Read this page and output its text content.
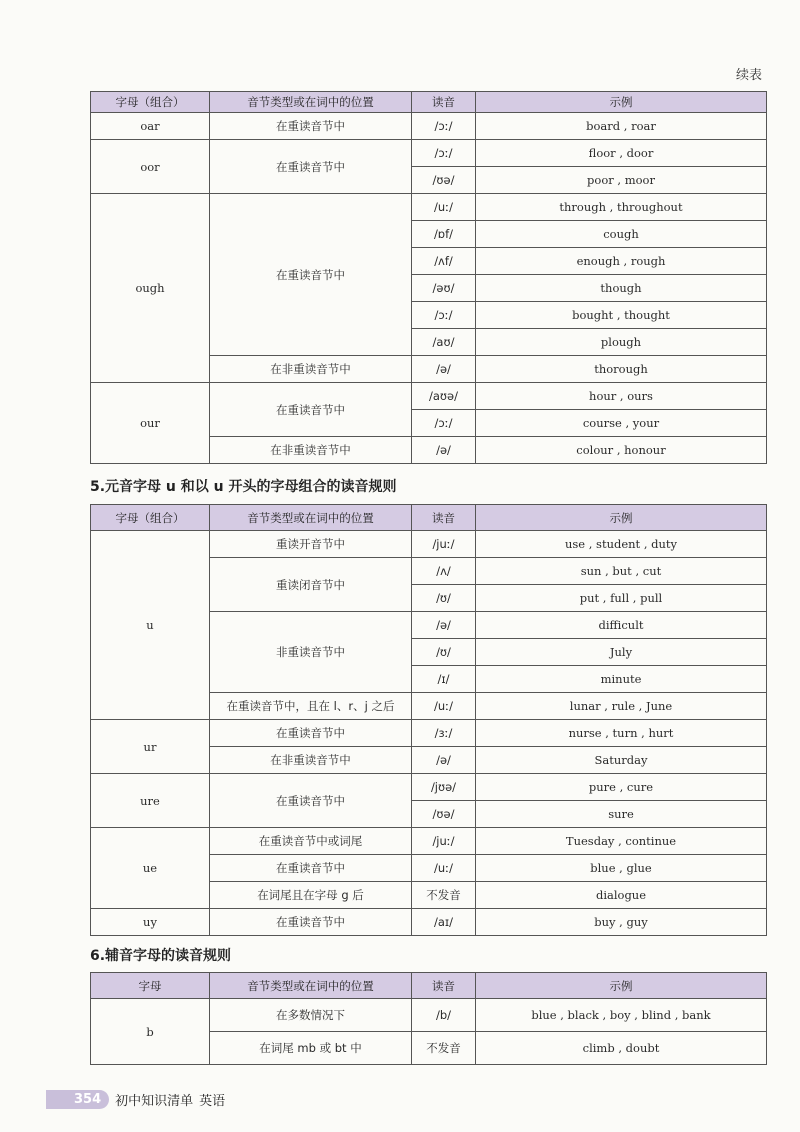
续表
字母（组合）	音节类型或在词中的位置	读音	示例
oar	在重读音节中	/ɔː/	board , roar
oor	在重读音节中	/ɔː/	floor , door
		/ʊə/	poor , moor
ough	在重读音节中	/uː/	through , throughout
		/ɒf/	cough
		/ʌf/	enough , rough
		/əʊ/	though
		/ɔː/	bought , thought
		/aʊ/	plough
	在非重读音节中	/ə/	thorough
our	在重读音节中	/aʊə/	hour , ours
		/ɔː/	course , your
	在非重读音节中	/ə/	colour , honour
5.元音字母 u 和以 u 开头的字母组合的读音规则
字母（组合）	音节类型或在词中的位置	读音	示例
u	重读开音节中	/juː/	use , student , duty
	重读闭音节中	/ʌ/	sun , but , cut
		/ʊ/	put , full , pull
	非重读音节中	/ə/	difficult
		/ʊ/	July
		/ɪ/	minute
	在重读音节中，且在 l、r、j 之后	/uː/	lunar , rule , June
ur	在重读音节中	/ɜː/	nurse , turn , hurt
	在非重读音节中	/ə/	Saturday
ure	在重读音节中	/jʊə/	pure , cure
		/ʊə/	sure
ue	在重读音节中或词尾	/juː/	Tuesday , continue
	在重读音节中	/uː/	blue , glue
	在词尾且在字母 g 后	不发音	dialogue
uy	在重读音节中	/aɪ/	buy , guy
6.辅音字母的读音规则
字母	音节类型或在词中的位置	读音	示例
b	在多数情况下	/b/	blue , black , boy , blind , bank
	在词尾 mb 或 bt 中	不发音	climb , doubt
354	初中知识清单 英语
